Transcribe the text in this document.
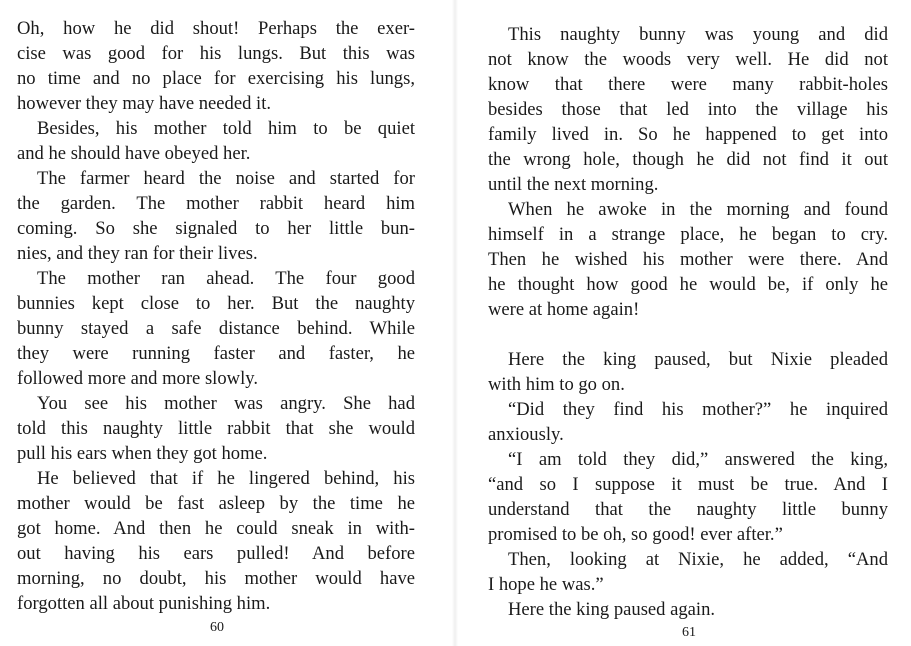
Oh, how he did shout! Perhaps the exer-
cise was good for his lungs. But this was
no time and no place for exercising his lungs,
however they may have needed it.
Besides, his mother told him to be quiet
and he should have obeyed her.
The farmer heard the noise and started for
the garden. The mother rabbit heard him
coming. So she signaled to her little bun-
nies, and they ran for their lives.
The mother ran ahead. The four good
bunnies kept close to her. But the naughty
bunny stayed a safe distance behind. While
they were running faster and faster, he
followed more and more slowly.
You see his mother was angry. She had
told this naughty little rabbit that she would
pull his ears when they got home.
He believed that if he lingered behind, his
mother would be fast asleep by the time he
got home. And then he could sneak in with-
out having his ears pulled! And before
morning, no doubt, his mother would have
forgotten all about punishing him.
60
This naughty bunny was young and did
not know the woods very well. He did not
know that there were many rabbit-holes
besides those that led into the village his
family lived in. So he happened to get into
the wrong hole, though he did not find it out
until the next morning.
When he awoke in the morning and found
himself in a strange place, he began to cry.
Then he wished his mother were there. And
he thought how good he would be, if only he
were at home again!
Here the king paused, but Nixie pleaded
with him to go on.
“Did they find his mother?” he inquired
anxiously.
“I am told they did,” answered the king,
“and so I suppose it must be true. And I
understand that the naughty little bunny
promised to be oh, so good! ever after.”
Then, looking at Nixie, he added, “And
I hope he was.”
Here the king paused again.
61
